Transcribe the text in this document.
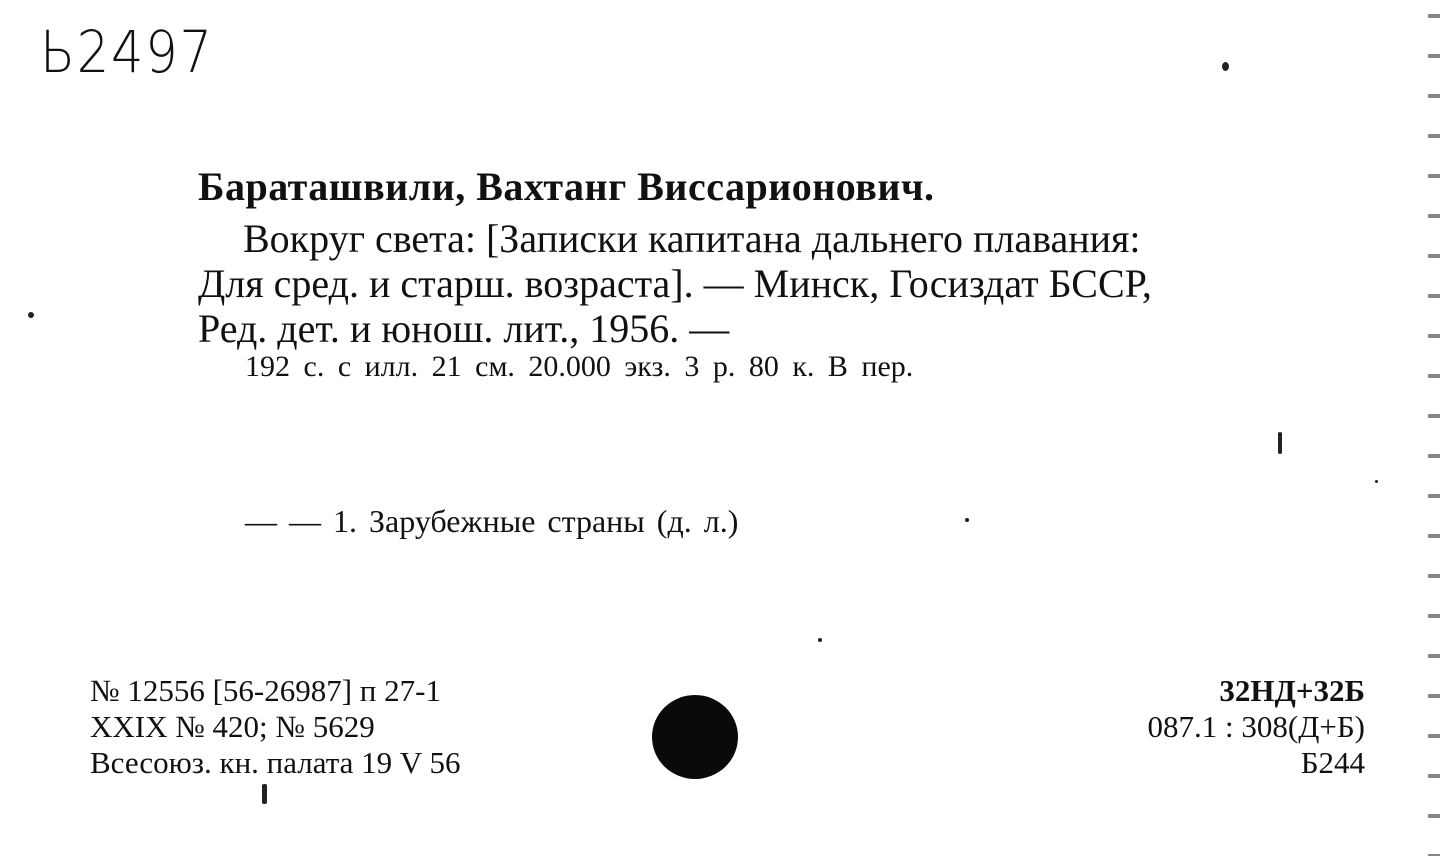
Ь2497
Бараташвили, Вахтанг Виссарионович.
Вокруг света: [Записки капитана дальнего плавания:
Для сред. и старш. возраста]. — Минск, Госиздат БССР,
Ред. дет. и юнош. лит., 1956. —
192 с. с илл. 21 см. 20.000 экз. 3 р. 80 к. В пер.
— — 1. Зарубежные страны (д. л.)
№ 12556 [56-26987] п 27-1
XXIX № 420; № 5629
Всесоюз. кн. палата 19 V 56
32НД+32Б
087.1 : 308(Д+Б)
Б244
